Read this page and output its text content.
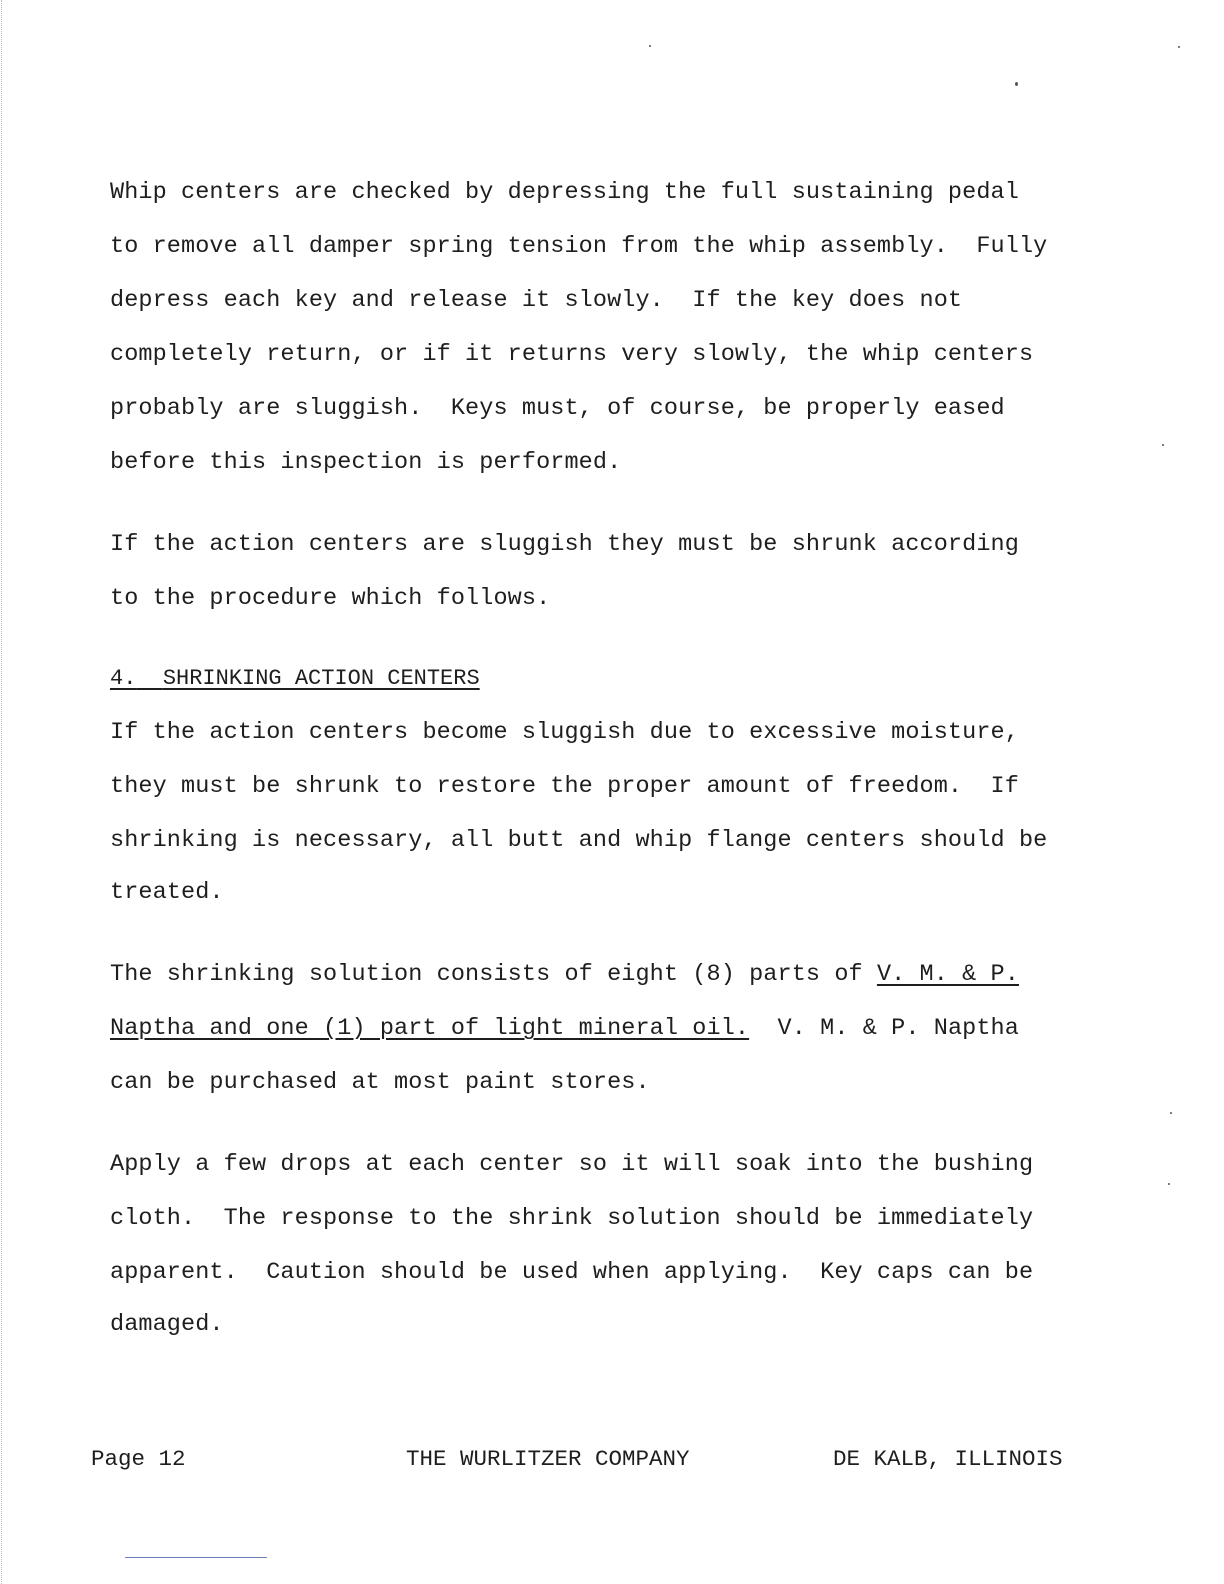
Whip centers are checked by depressing the full sustaining pedal
to remove all damper spring tension from the whip assembly.  Fully
depress each key and release it slowly.  If the key does not
completely return, or if it returns very slowly, the whip centers
probably are sluggish.  Keys must, of course, be properly eased
before this inspection is performed.
If the action centers are sluggish they must be shrunk according
to the procedure which follows.
4. SHRINKING ACTION CENTERS
If the action centers become sluggish due to excessive moisture,
they must be shrunk to restore the proper amount of freedom.  If
shrinking is necessary, all butt and whip flange centers should be
treated.
The shrinking solution consists of eight (8) parts of V. M. & P.
Naptha and one (1) part of light mineral oil.  V. M. & P. Naptha
can be purchased at most paint stores.
Apply a few drops at each center so it will soak into the bushing
cloth.  The response to the shrink solution should be immediately
apparent.  Caution should be used when applying.  Key caps can be
damaged.
Page 12	THE WURLITZER COMPANY	DE KALB, ILLINOIS
